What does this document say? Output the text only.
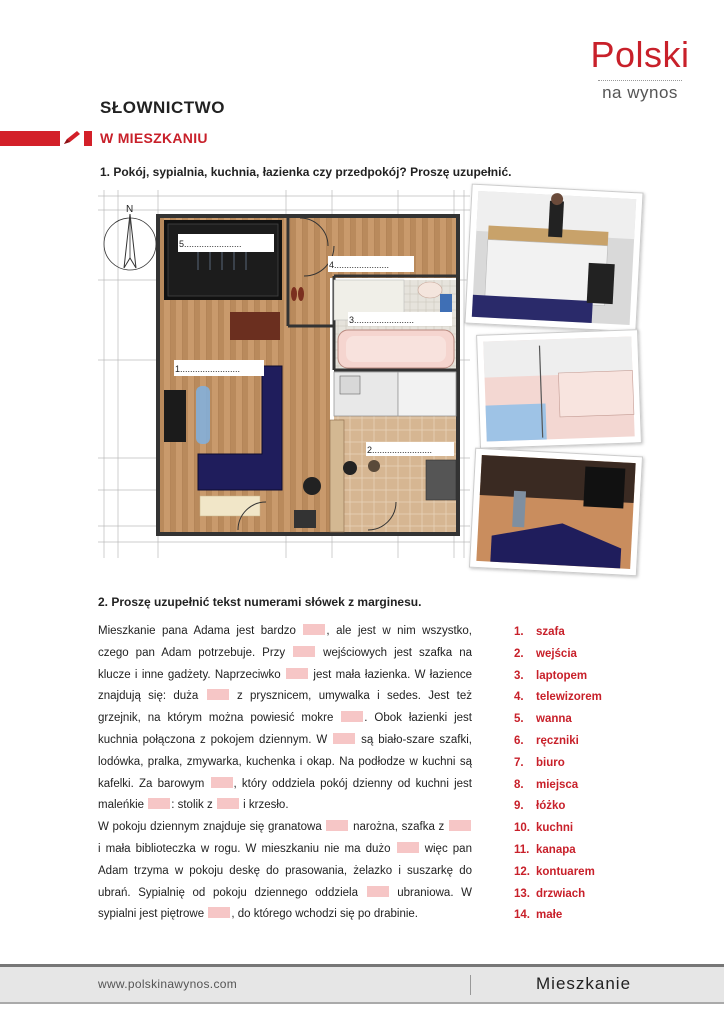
Polski
na wynos
SŁOWNICTWO
W MIESZKANIU
1. Pokój, sypialnia, kuchnia, łazienka czy przedpokój? Proszę uzupełnić.
N
5.......................
4......................
3........................
1........................
2........................
2. Proszę uzupełnić tekst numerami słówek z marginesu.
Mieszkanie pana Adama jest bardzo , ale jest w nim wszystko, czego pan Adam potrzebuje. Przy  wejściowych jest szafka na klucze i inne gadżety. Naprzeciwko  jest mała łazienka. W łazience znajdują się: duża  z prysznicem, umywalka i sedes. Jest też grzejnik, na którym można powiesić mokre . Obok łazienki jest kuchnia połączona z pokojem dziennym. W  są biało-szare szafki, lodówka, pralka, zmywarka, kuchenka i okap. Na podłodze w kuchni są kafelki. Za barowym , który oddziela pokój dzienny od kuchni jest maleńkie : stolik z  i krzesło.
W pokoju dziennym znajduje się granatowa  narożna, szafka z  i mała biblioteczka w rogu. W mieszkaniu nie ma dużo  więc pan Adam trzyma w pokoju deskę do prasowania, żelazko i suszarkę do ubrań. Sypialnię od pokoju dziennego oddziela  ubraniowa. W sypialni jest piętrowe , do którego wchodzi się po drabinie.
1. szafa
2. wejścia
3. laptopem
4. telewizorem
5. wanna
6. ręczniki
7. biuro
8. miejsca
9. łóżko
10. kuchni
11. kanapa
12. kontuarem
13. drzwiach
14. małe
www.polskinawynos.com	Mieszkanie
